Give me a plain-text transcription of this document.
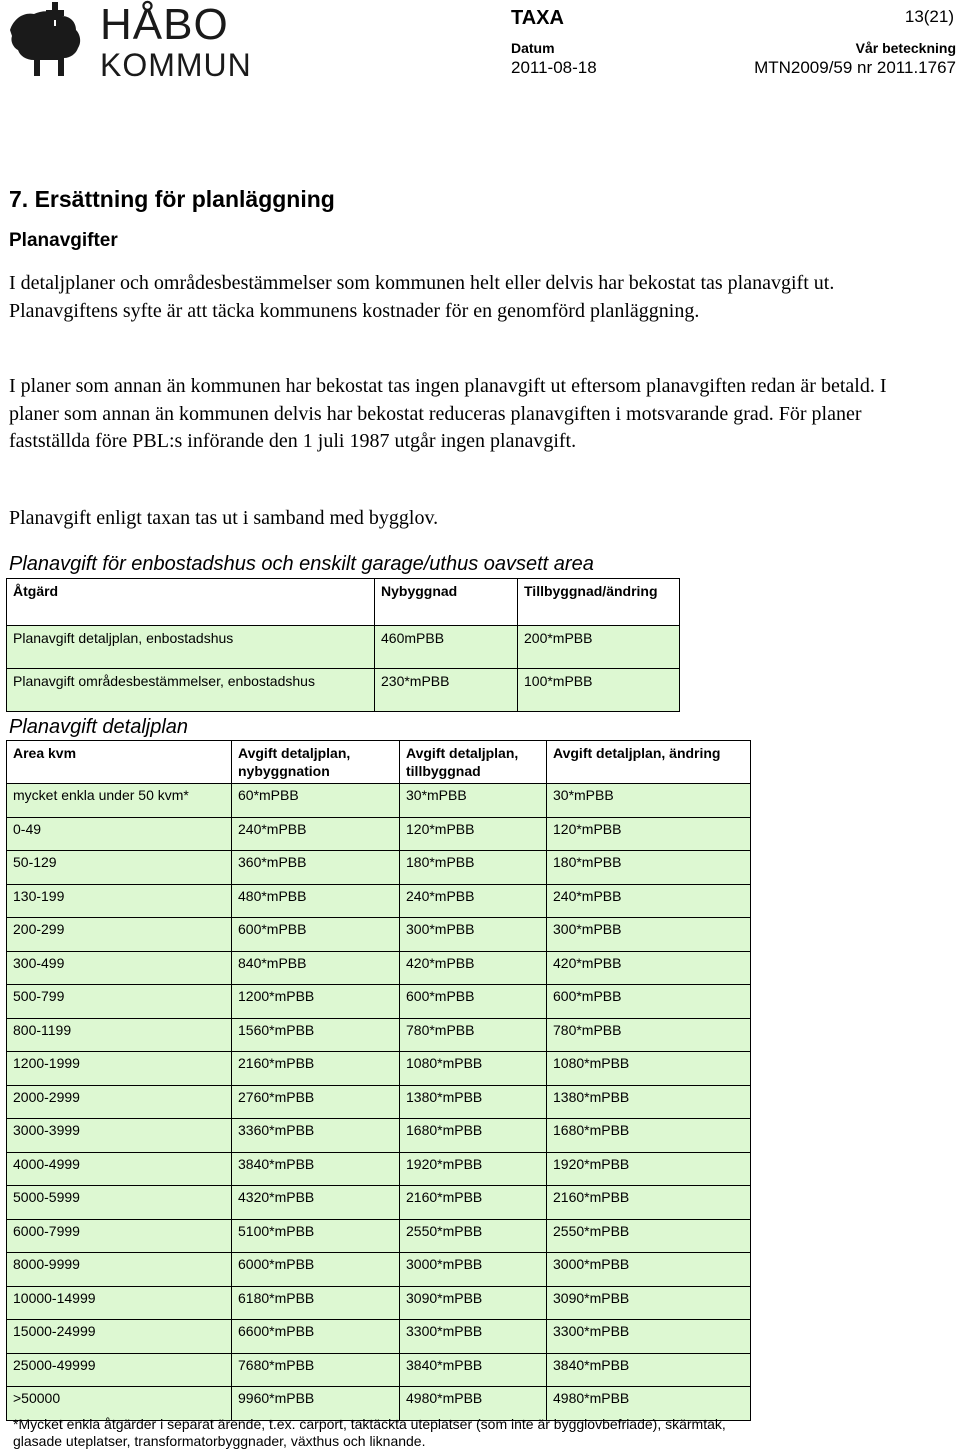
HÅBO
KOMMUN
TAXA	13(21)
Datum
2011-08-18
Vår beteckning
MTN2009/59 nr 2011.1767
7. Ersättning för planläggning
Planavgifter
I detaljplaner och områdesbestämmelser som kommunen helt eller delvis har bekostat tas planavgift ut. Planavgiftens syfte är att täcka kommunens kostnader för en genomförd planläggning.
I planer som annan än kommunen har bekostat tas ingen planavgift ut eftersom planavgiften redan är betald. I planer som annan än kommunen delvis har bekostat reduceras planavgiften i motsvarande grad. För planer fastställda före PBL:s införande den 1 juli 1987 utgår ingen planavgift.
Planavgift enligt taxan tas ut i samband med bygglov.
Planavgift för enbostadshus och enskilt garage/uthus oavsett area
Åtgärd	Nybyggnad	Tillbyggnad/ändring
Planavgift detaljplan, enbostadshus	460mPBB	200*mPBB
Planavgift områdesbestämmelser, enbostadshus	230*mPBB	100*mPBB
Planavgift detaljplan
Area kvm	Avgift detaljplan, nybyggnation	Avgift detaljplan, tillbyggnad	Avgift detaljplan, ändring
mycket enkla under 50 kvm*	60*mPBB	30*mPBB	30*mPBB
0-49	240*mPBB	120*mPBB	120*mPBB
50-129	360*mPBB	180*mPBB	180*mPBB
130-199	480*mPBB	240*mPBB	240*mPBB
200-299	600*mPBB	300*mPBB	300*mPBB
300-499	840*mPBB	420*mPBB	420*mPBB
500-799	1200*mPBB	600*mPBB	600*mPBB
800-1199	1560*mPBB	780*mPBB	780*mPBB
1200-1999	2160*mPBB	1080*mPBB	1080*mPBB
2000-2999	2760*mPBB	1380*mPBB	1380*mPBB
3000-3999	3360*mPBB	1680*mPBB	1680*mPBB
4000-4999	3840*mPBB	1920*mPBB	1920*mPBB
5000-5999	4320*mPBB	2160*mPBB	2160*mPBB
6000-7999	5100*mPBB	2550*mPBB	2550*mPBB
8000-9999	6000*mPBB	3000*mPBB	3000*mPBB
10000-14999	6180*mPBB	3090*mPBB	3090*mPBB
15000-24999	6600*mPBB	3300*mPBB	3300*mPBB
25000-49999	7680*mPBB	3840*mPBB	3840*mPBB
>50000	9960*mPBB	4980*mPBB	4980*mPBB
*Mycket enkla åtgärder i separat ärende, t.ex. carport, taktäckta uteplatser (som inte är bygglovbefriade), skärmtak, glasade uteplatser, transformatorbyggnader, växthus och liknande.
